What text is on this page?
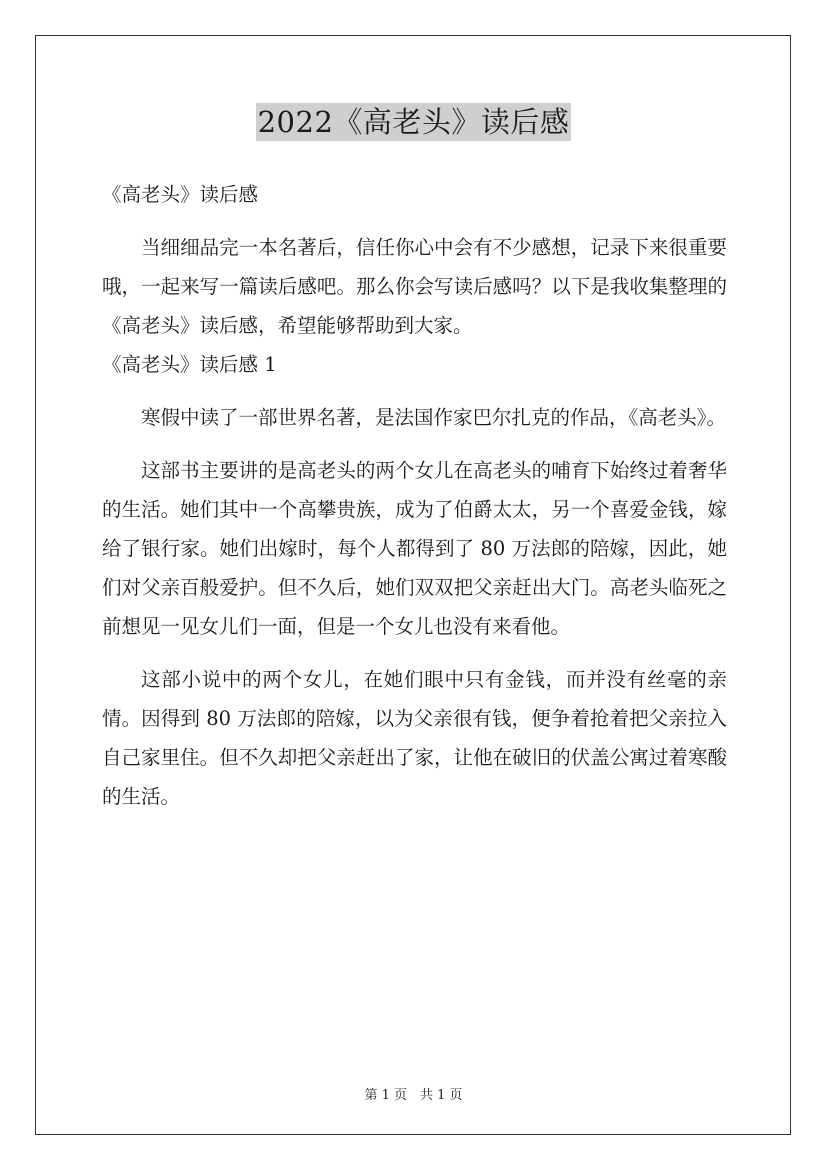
2022《高老头》读后感

《高老头》读后感

当细细品完一本名著后，信任你心中会有不少感想，记录下来很重要哦，一起来写一篇读后感吧。那么你会写读后感吗？以下是我收集整理的《高老头》读后感，希望能够帮助到大家。

《高老头》读后感 1

寒假中读了一部世界名著，是法国作家巴尔扎克的作品，《高老头》。

这部书主要讲的是高老头的两个女儿在高老头的哺育下始终过着奢华的生活。她们其中一个高攀贵族，成为了伯爵太太，另一个喜爱金钱，嫁给了银行家。她们出嫁时，每个人都得到了 80 万法郎的陪嫁，因此，她们对父亲百般爱护。但不久后，她们双双把父亲赶出大门。高老头临死之前想见一见女儿们一面，但是一个女儿也没有来看他。

这部小说中的两个女儿，在她们眼中只有金钱，而并没有丝毫的亲情。因得到 80 万法郎的陪嫁，以为父亲很有钱，便争着抢着把父亲拉入自己家里住。但不久却把父亲赶出了家，让他在破旧的伏盖公寓过着寒酸的生活。

第 1 页　共 1 页
